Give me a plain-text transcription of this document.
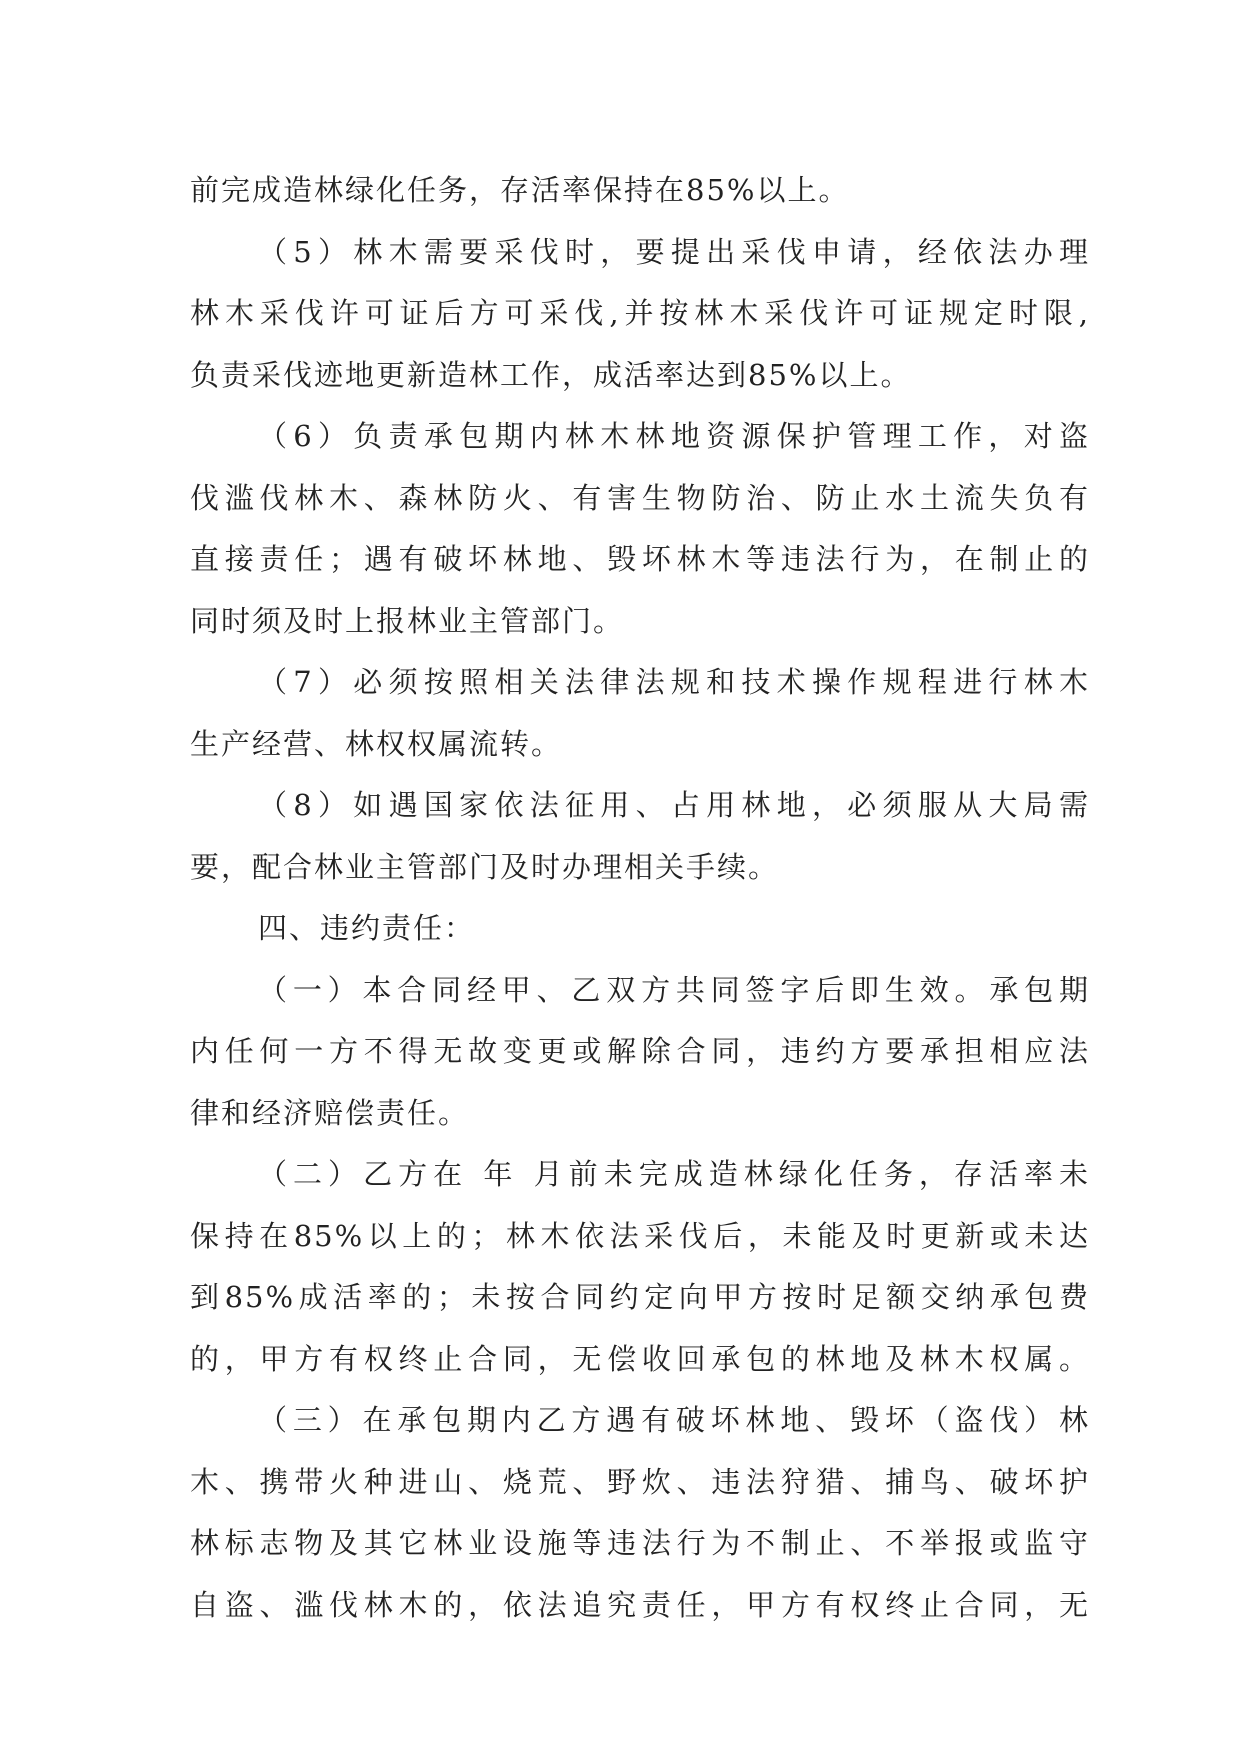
前完成造林绿化任务，存活率保持在85%以上。
（5）林木需要采伐时，要提出采伐申请，经依法办理
林木采伐许可证后方可采伐,并按林木采伐许可证规定时限,
负责采伐迹地更新造林工作，成活率达到85%以上。
（6）负责承包期内林木林地资源保护管理工作，对盗
伐滥伐林木、森林防火、有害生物防治、防止水土流失负有
直接责任；遇有破坏林地、毁坏林木等违法行为，在制止的
同时须及时上报林业主管部门。
（7）必须按照相关法律法规和技术操作规程进行林木
生产经营、林权权属流转。
（8）如遇国家依法征用、占用林地，必须服从大局需
要，配合林业主管部门及时办理相关手续。
四、违约责任：
（一）本合同经甲、乙双方共同签字后即生效。承包期
内任何一方不得无故变更或解除合同，违约方要承担相应法
律和经济赔偿责任。
（二）乙方在 年 月前未完成造林绿化任务，存活率未
保持在85%以上的；林木依法采伐后，未能及时更新或未达
到85%成活率的；未按合同约定向甲方按时足额交纳承包费
的，甲方有权终止合同，无偿收回承包的林地及林木权属。
（三）在承包期内乙方遇有破坏林地、毁坏（盗伐）林
木、携带火种进山、烧荒、野炊、违法狩猎、捕鸟、破坏护
林标志物及其它林业设施等违法行为不制止、不举报或监守
自盗、滥伐林木的，依法追究责任，甲方有权终止合同，无
